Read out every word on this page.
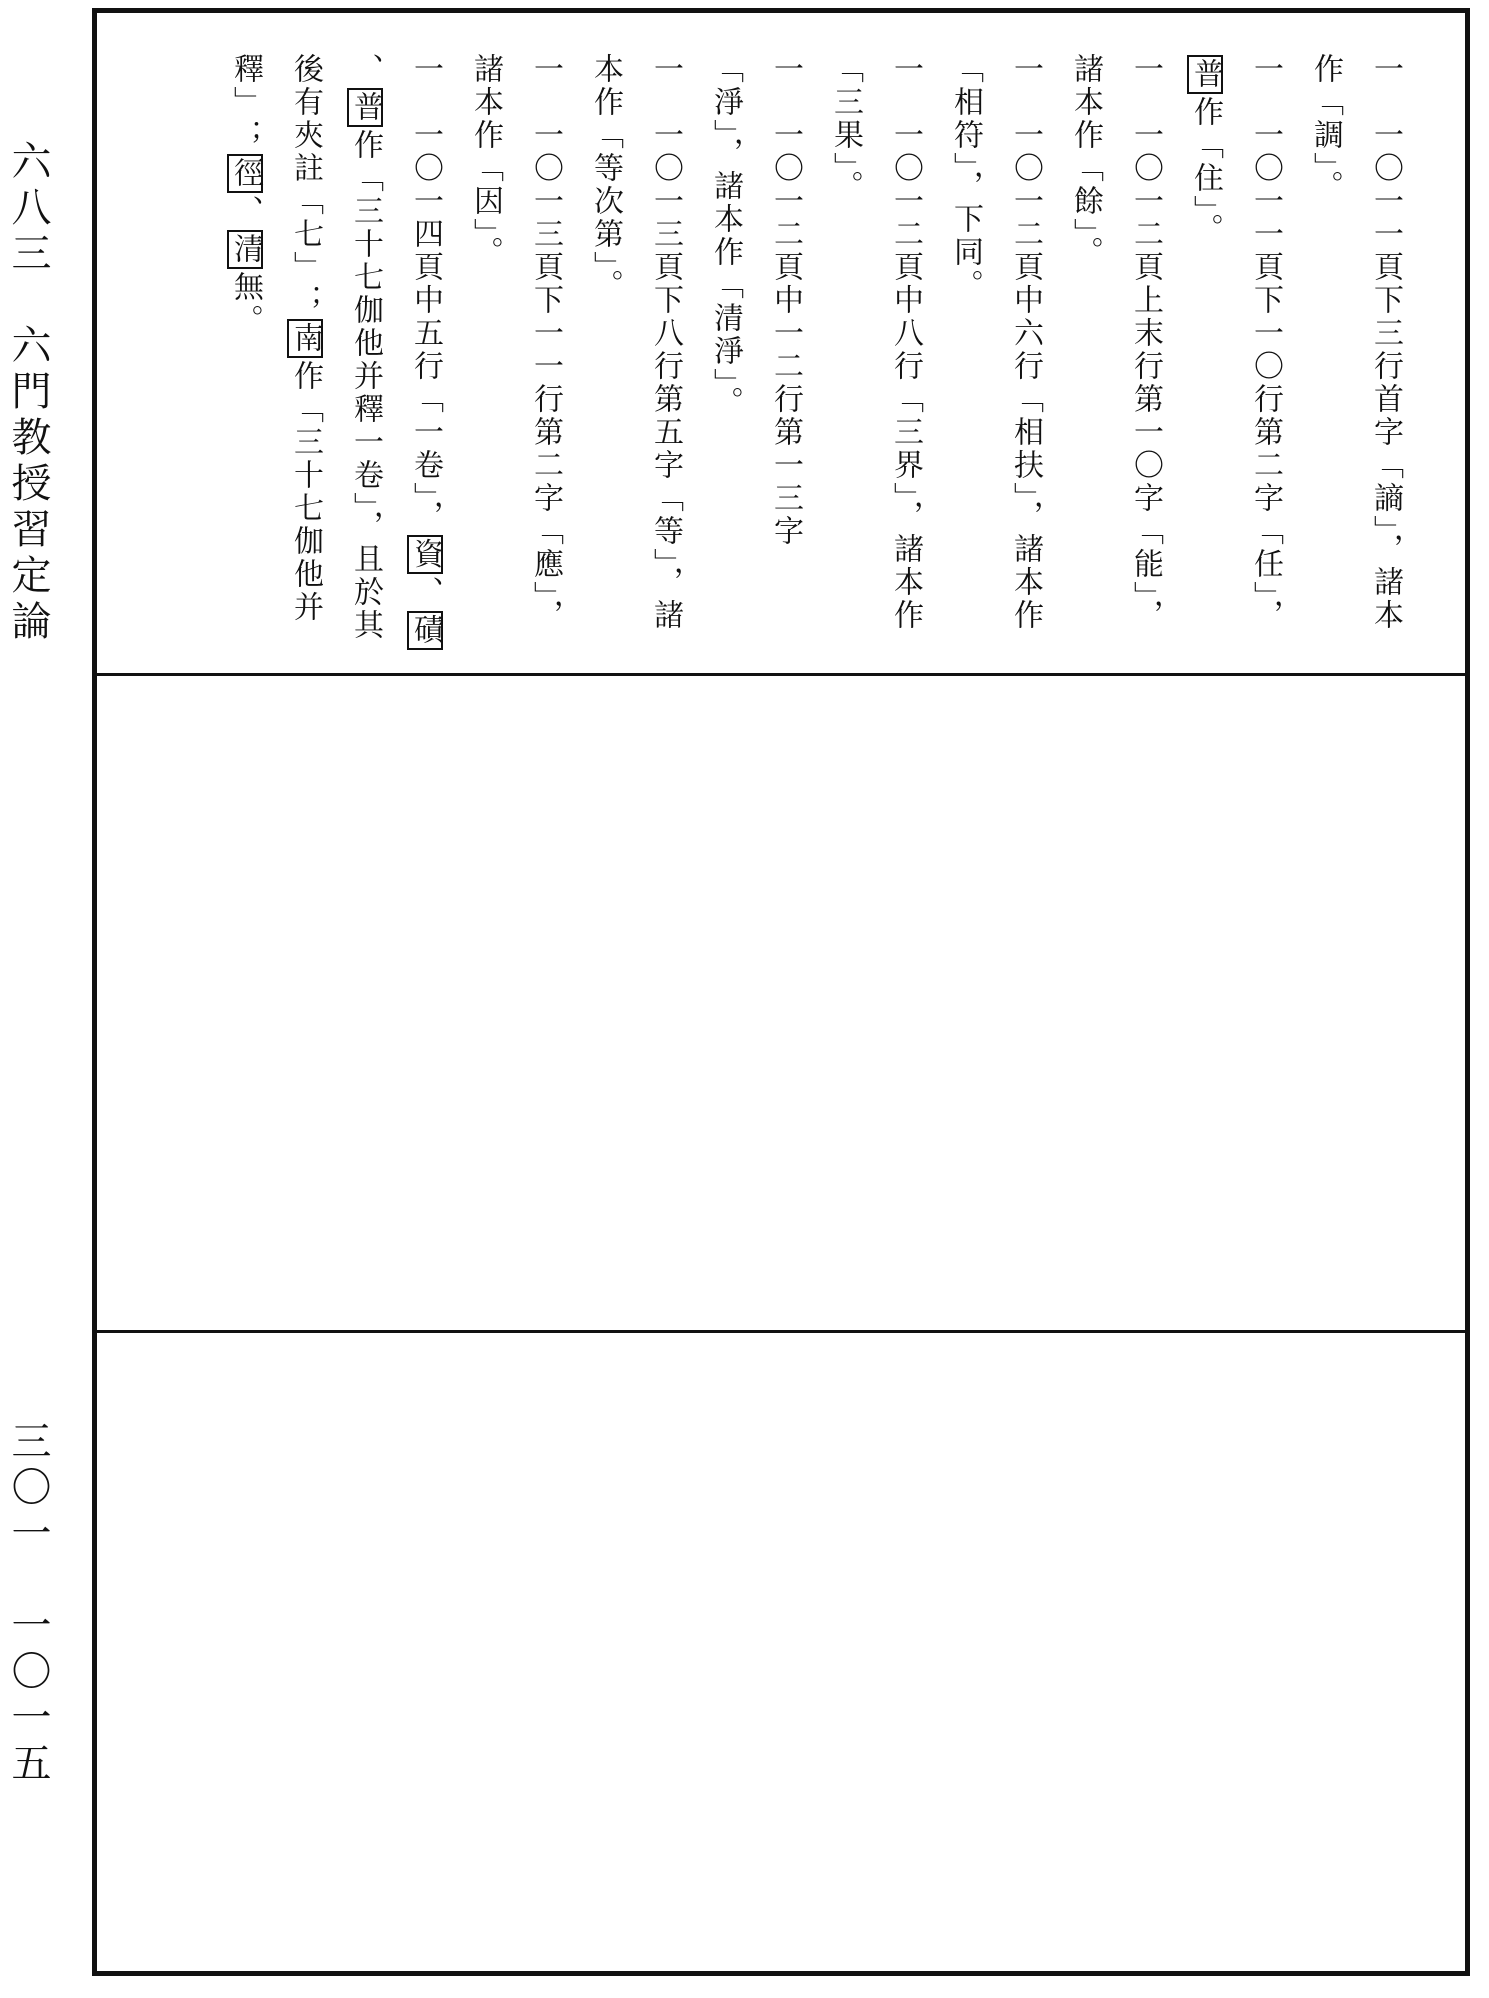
六八三　六門教授習定論
三〇一　一〇一五
一　一〇一一頁下三行首字「謪」，諸本作「調」。
一　一〇一一頁下一〇行第二字「任」，普作「住」。
一　一〇一二頁上末行第一〇字「能」，諸本作「餘」。
一　一〇一二頁中六行「相扶」，諸本作「相符」，下同。
一　一〇一二頁中八行「三界」，諸本作「三果」。
一　一〇一二頁中一二行第一三字「淨」，諸本作「清淨」。
一　一〇一三頁下八行第五字「等」，諸本作「等次第」。
一　一〇一三頁下一一行第二字「應」，諸本作「因」。
一　一〇一四頁中五行「一卷」，資、磧、普作「三十七伽他并釋一卷」，且於其後有夾註「七」；南作「三十七伽他并釋」；徑、清無。
